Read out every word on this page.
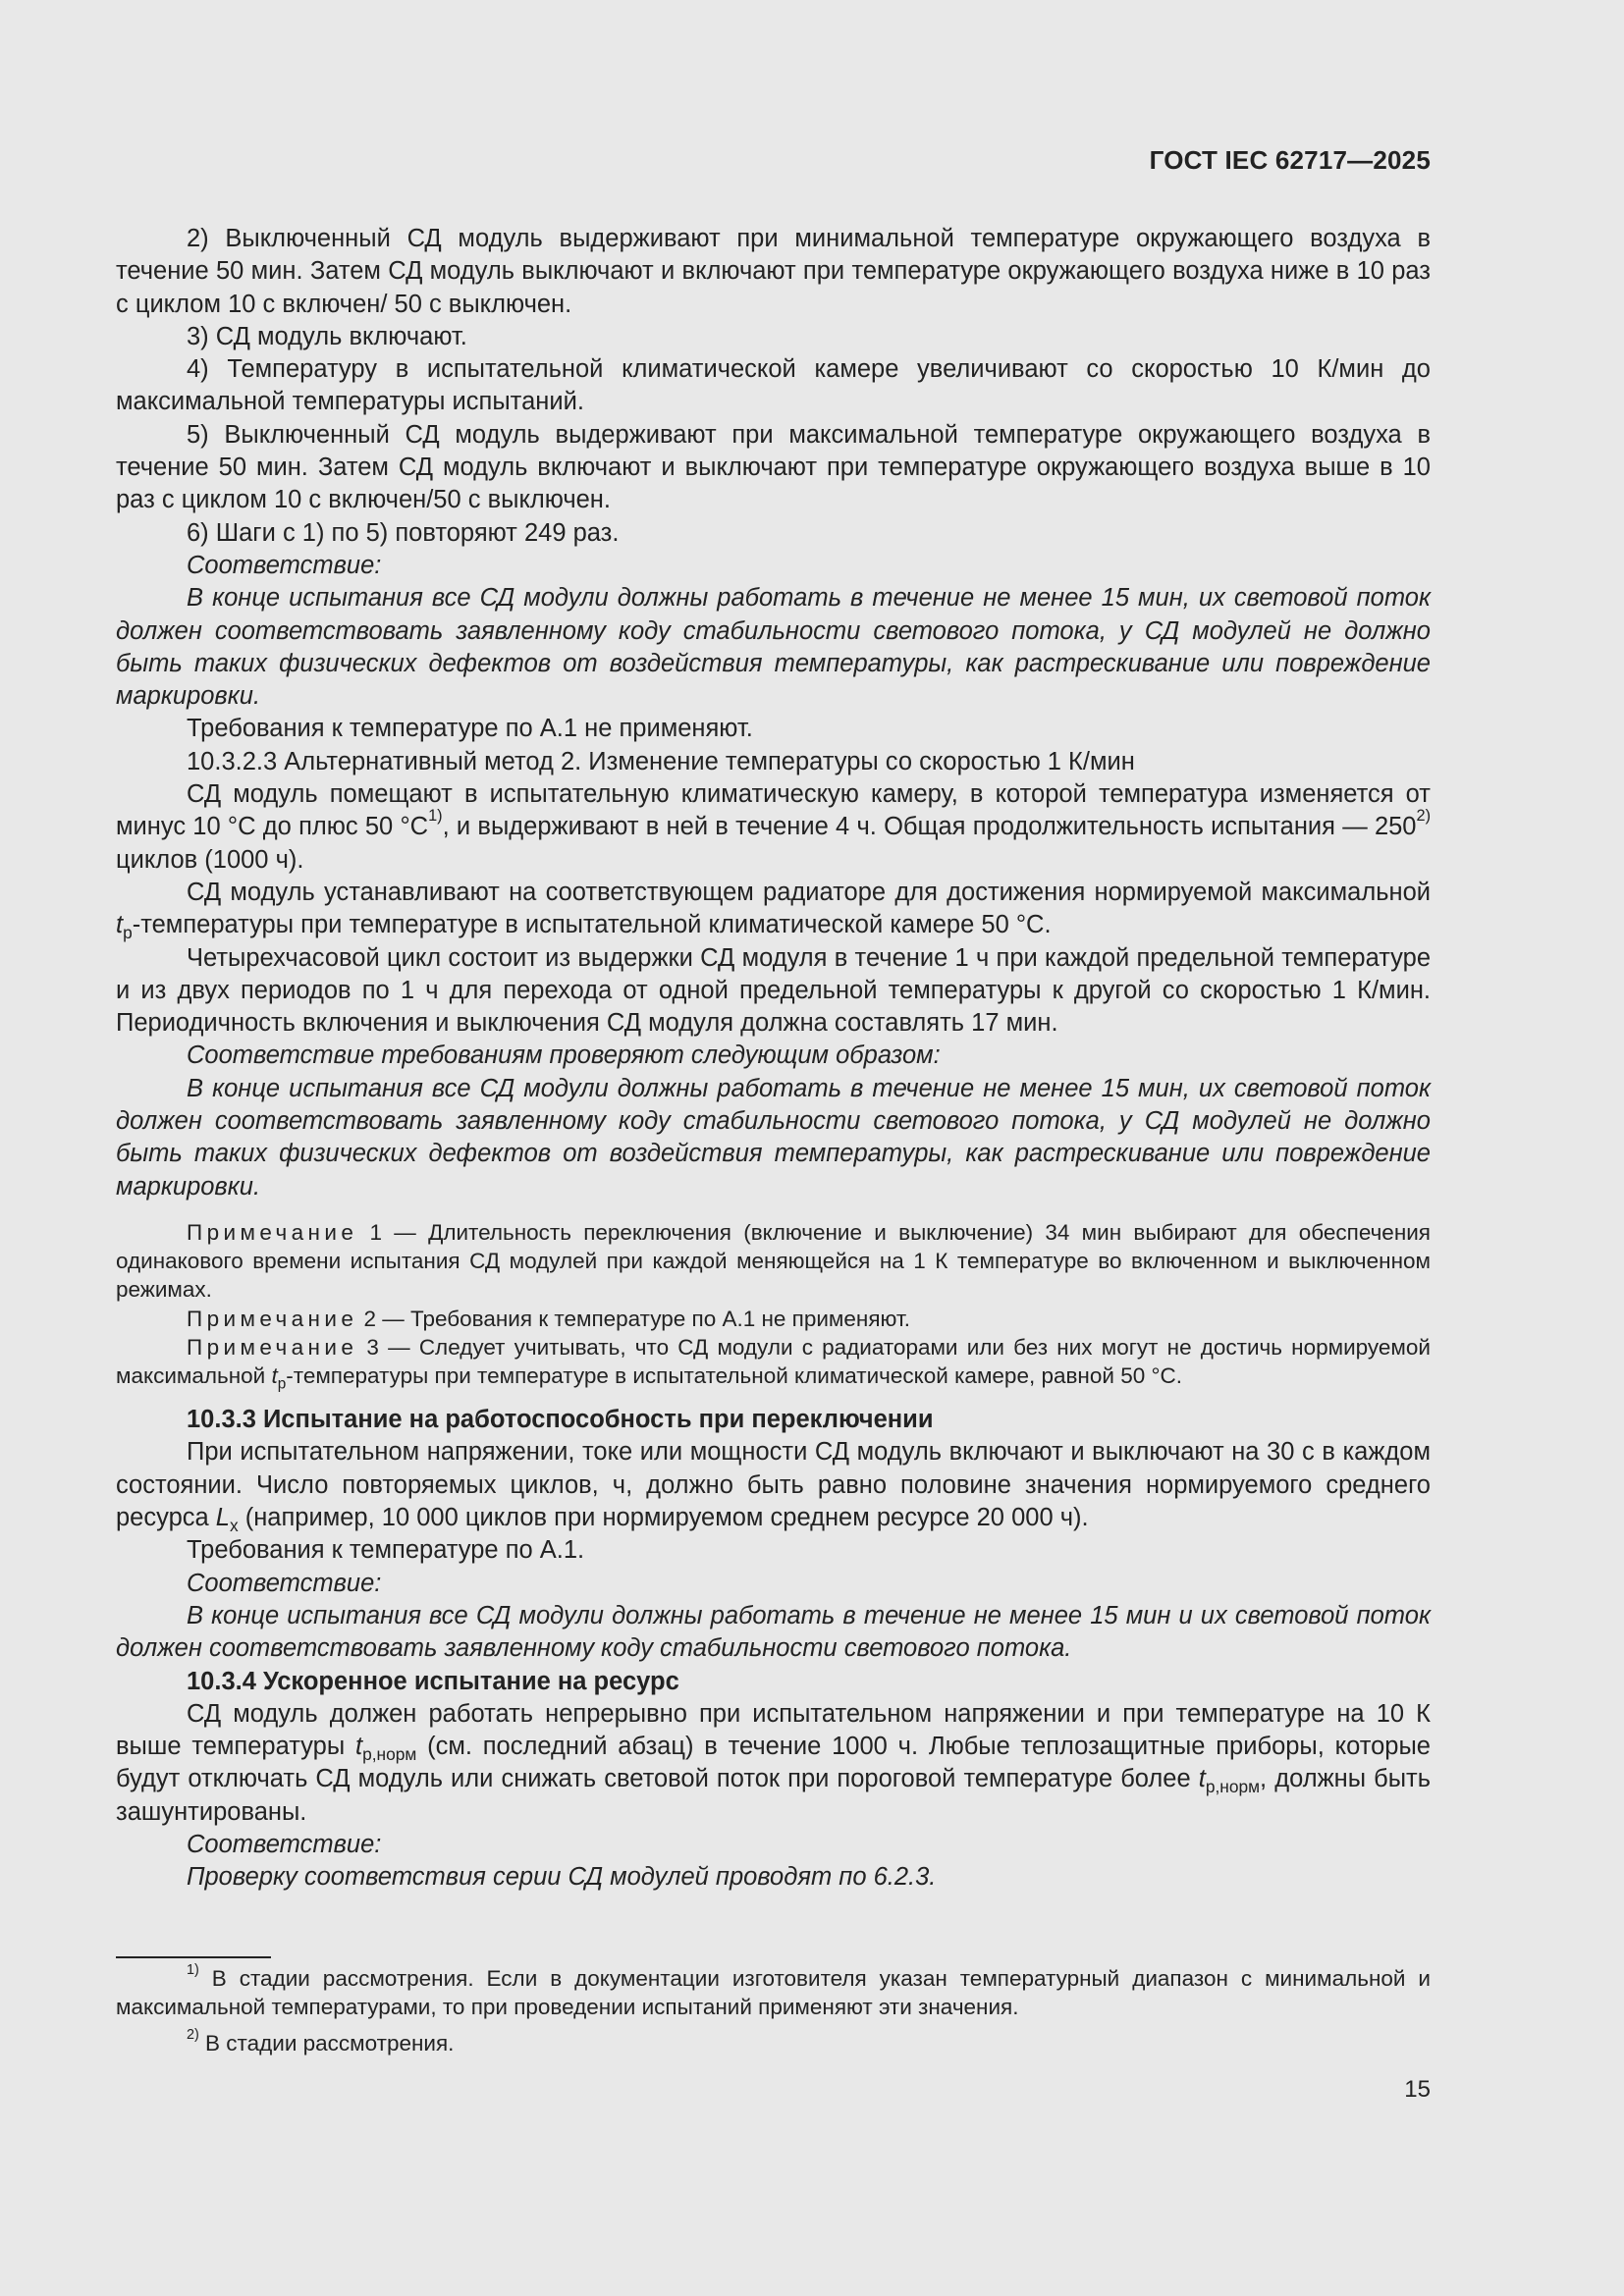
ГОСТ IEC 62717—2025

2) Выключенный СД модуль выдерживают при минимальной температуре окружающего воздуха в течение 50 мин. Затем СД модуль выключают и включают при температуре окружающего воздуха ниже в 10 раз с циклом 10 с включен/ 50 с выключен.

3) СД модуль включают.

4) Температуру в испытательной климатической камере увеличивают со скоростью 10 К/мин до максимальной температуры испытаний.

5) Выключенный СД модуль выдерживают при максимальной температуре окружающего воздуха в течение 50 мин. Затем СД модуль включают и выключают при температуре окружающего воздуха выше в 10 раз с циклом 10 с включен/50 с выключен.

6) Шаги с 1) по 5) повторяют 249 раз.

Соответствие:

В конце испытания все СД модули должны работать в течение не менее 15 мин, их световой поток должен соответствовать заявленному коду стабильности светового потока, у СД модулей не должно быть таких физических дефектов от воздействия температуры, как растрескивание или повреждение маркировки.

Требования к температуре по А.1 не применяют.

10.3.2.3 Альтернативный метод 2. Изменение температуры со скоростью 1 К/мин

СД модуль помещают в испытательную климатическую камеру, в которой температура изменяется от минус 10 °С до плюс 50 $^\circ С^{1)}$, и выдерживают в ней в течение 4 ч. Общая продолжительность испытания — 250$^{2)}$ циклов (1000 ч).

СД модуль устанавливают на соответствующем радиаторе для достижения нормируемой максимальной $t_p$-температуры при температуре в испытательной климатической камере 50 °С.

Четырехчасовой цикл состоит из выдержки СД модуля в течение 1 ч при каждой предельной температуре и из двух периодов по 1 ч для перехода от одной предельной температуры к другой со скоростью 1 К/мин. Периодичность включения и выключения СД модуля должна составлять 17 мин.

Соответствие требованиям проверяют следующим образом:

В конце испытания все СД модули должны работать в течение не менее 15 мин, их световой поток должен соответствовать заявленному коду стабильности светового потока, у СД модулей не должно быть таких физических дефектов от воздействия температуры, как растрескивание или повреждение маркировки.

Примечание 1 — Длительность переключения (включение и выключение) 34 мин выбирают для обеспечения одинакового времени испытания СД модулей при каждой меняющейся на 1 К температуре во включенном и выключенном режимах.

Примечание 2 — Требования к температуре по А.1 не применяют.

Примечание 3 — Следует учитывать, что СД модули с радиаторами или без них могут не достичь нормируемой максимальной $t_p$-температуры при температуре в испытательной климатической камере, равной 50 °С.

10.3.3 Испытание на работоспособность при переключении

При испытательном напряжении, токе или мощности СД модуль включают и выключают на 30 с в каждом состоянии. Число повторяемых циклов, ч, должно быть равно половине значения нормируемого среднего ресурса $L_x$ (например, 10 000 циклов при нормируемом среднем ресурсе 20 000 ч).

Требования к температуре по А.1.

Соответствие:

В конце испытания все СД модули должны работать в течение не менее 15 мин и их световой поток должен соответствовать заявленному коду стабильности светового потока.

10.3.4 Ускоренное испытание на ресурс

СД модуль должен работать непрерывно при испытательном напряжении и при температуре на 10 К выше температуры $t_{p,норм}$ (см. последний абзац) в течение 1000 ч. Любые теплозащитные приборы, которые будут отключать СД модуль или снижать световой поток при пороговой температуре более $t_{p,норм}$, должны быть зашунтированы.

Соответствие:

Проверку соответствия серии СД модулей проводят по 6.2.3.

$^{1)}$ В стадии рассмотрения. Если в документации изготовителя указан температурный диапазон с минимальной и максимальной температурами, то при проведении испытаний применяют эти значения.

$^{2)}$ В стадии рассмотрения.

15
